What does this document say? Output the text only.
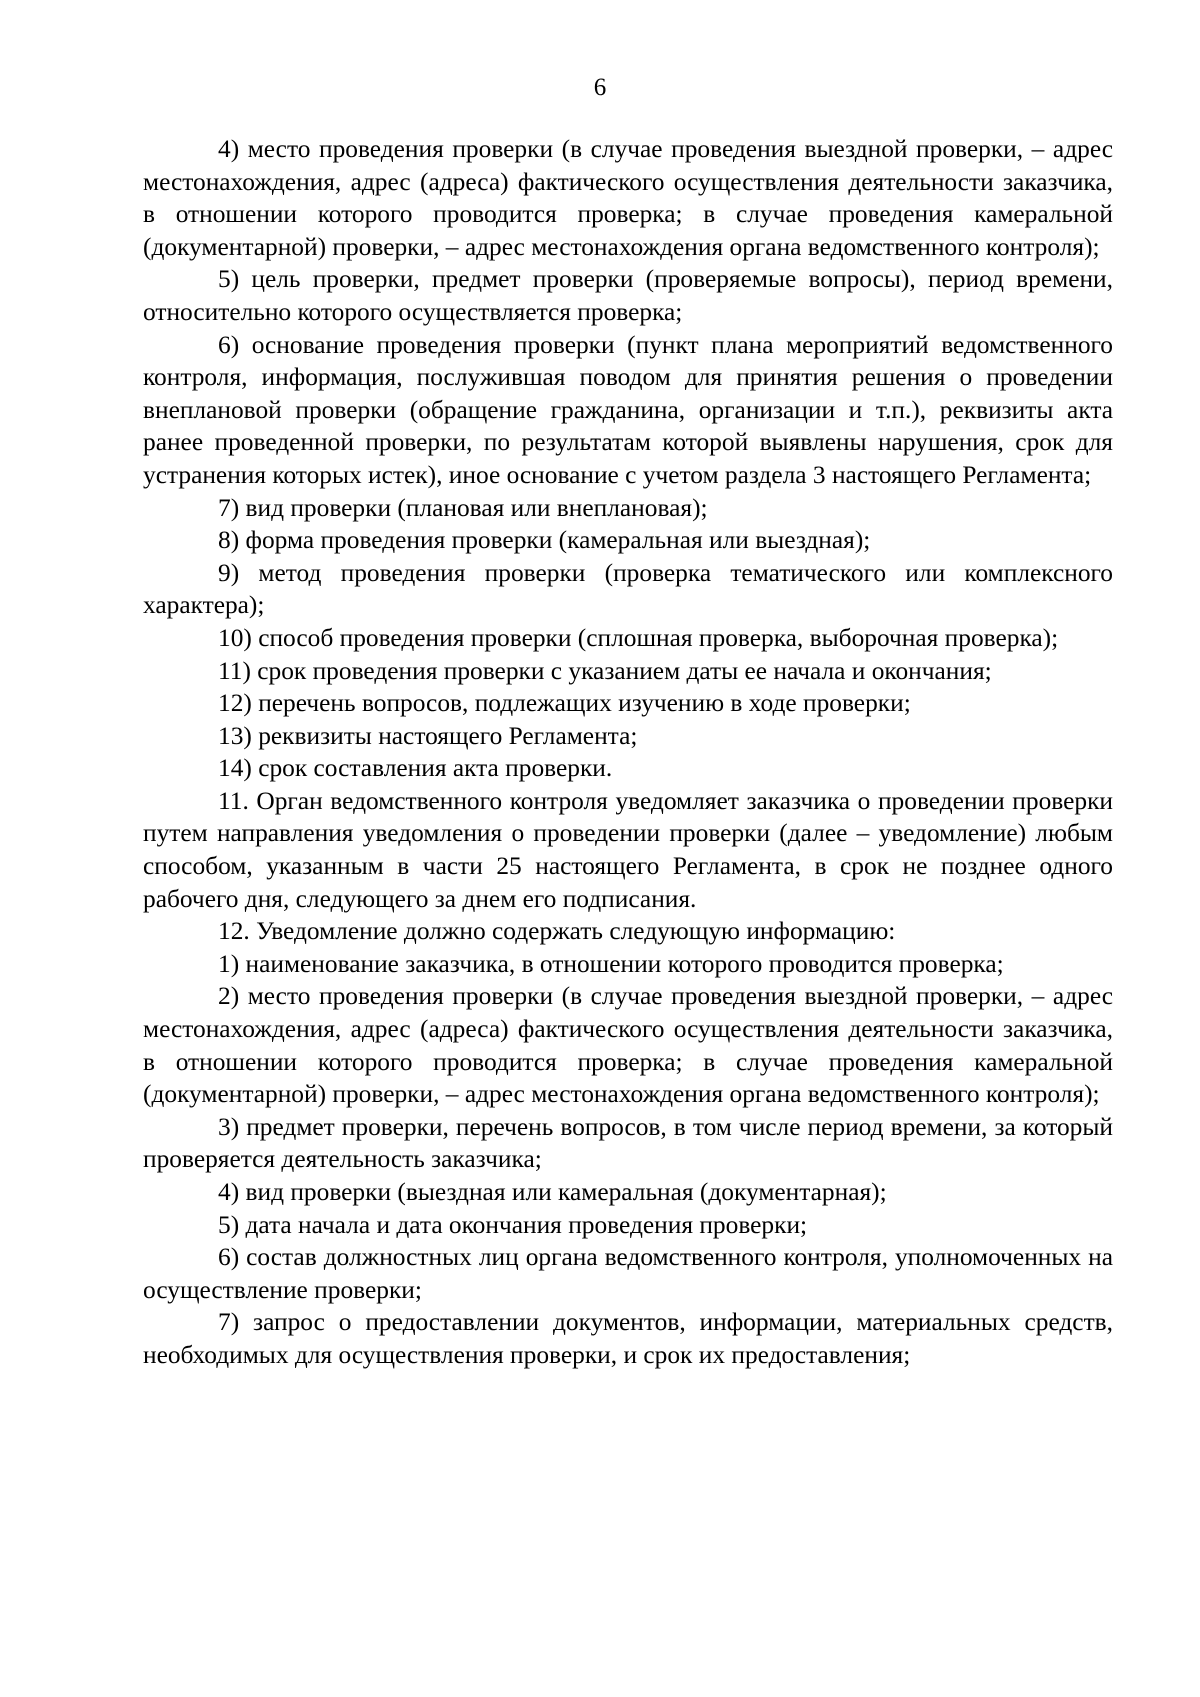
6

4) место проведения проверки (в случае проведения выездной проверки, – адрес местонахождения, адрес (адреса) фактического осуществления деятельности заказчика, в отношении которого проводится проверка; в случае проведения камеральной (документарной) проверки, – адрес местонахождения органа ведомственного контроля);

5) цель проверки, предмет проверки (проверяемые вопросы), период времени, относительно которого осуществляется проверка;

6) основание проведения проверки (пункт плана мероприятий ведомственного контроля, информация, послужившая поводом для принятия решения о проведении внеплановой проверки (обращение гражданина, организации и т.п.), реквизиты акта ранее проведенной проверки, по результатам которой выявлены нарушения, срок для устранения которых истек), иное основание с учетом раздела 3 настоящего Регламента;

7) вид проверки (плановая или внеплановая);

8) форма проведения проверки (камеральная или выездная);

9) метод проведения проверки (проверка тематического или комплексного характера);

10) способ проведения проверки (сплошная проверка, выборочная проверка);

11) срок проведения проверки с указанием даты ее начала и окончания;

12) перечень вопросов, подлежащих изучению в ходе проверки;

13) реквизиты настоящего Регламента;

14) срок составления акта проверки.

11. Орган ведомственного контроля уведомляет заказчика о проведении проверки путем направления уведомления о проведении проверки (далее – уведомление) любым способом, указанным в части 25 настоящего Регламента, в срок не позднее одного рабочего дня, следующего за днем его подписания.

12. Уведомление должно содержать следующую информацию:

1) наименование заказчика, в отношении которого проводится проверка;

2) место проведения проверки (в случае проведения выездной проверки, – адрес местонахождения, адрес (адреса) фактического осуществления деятельности заказчика, в отношении которого проводится проверка; в случае проведения камеральной (документарной) проверки, – адрес местонахождения органа ведомственного контроля);

3) предмет проверки, перечень вопросов, в том числе период времени, за который проверяется деятельность заказчика;

4) вид проверки (выездная или камеральная (документарная);

5) дата начала и дата окончания проведения проверки;

6) состав должностных лиц органа ведомственного контроля, уполномоченных на осуществление проверки;

7) запрос о предоставлении документов, информации, материальных средств, необходимых для осуществления проверки, и срок их предоставления;
